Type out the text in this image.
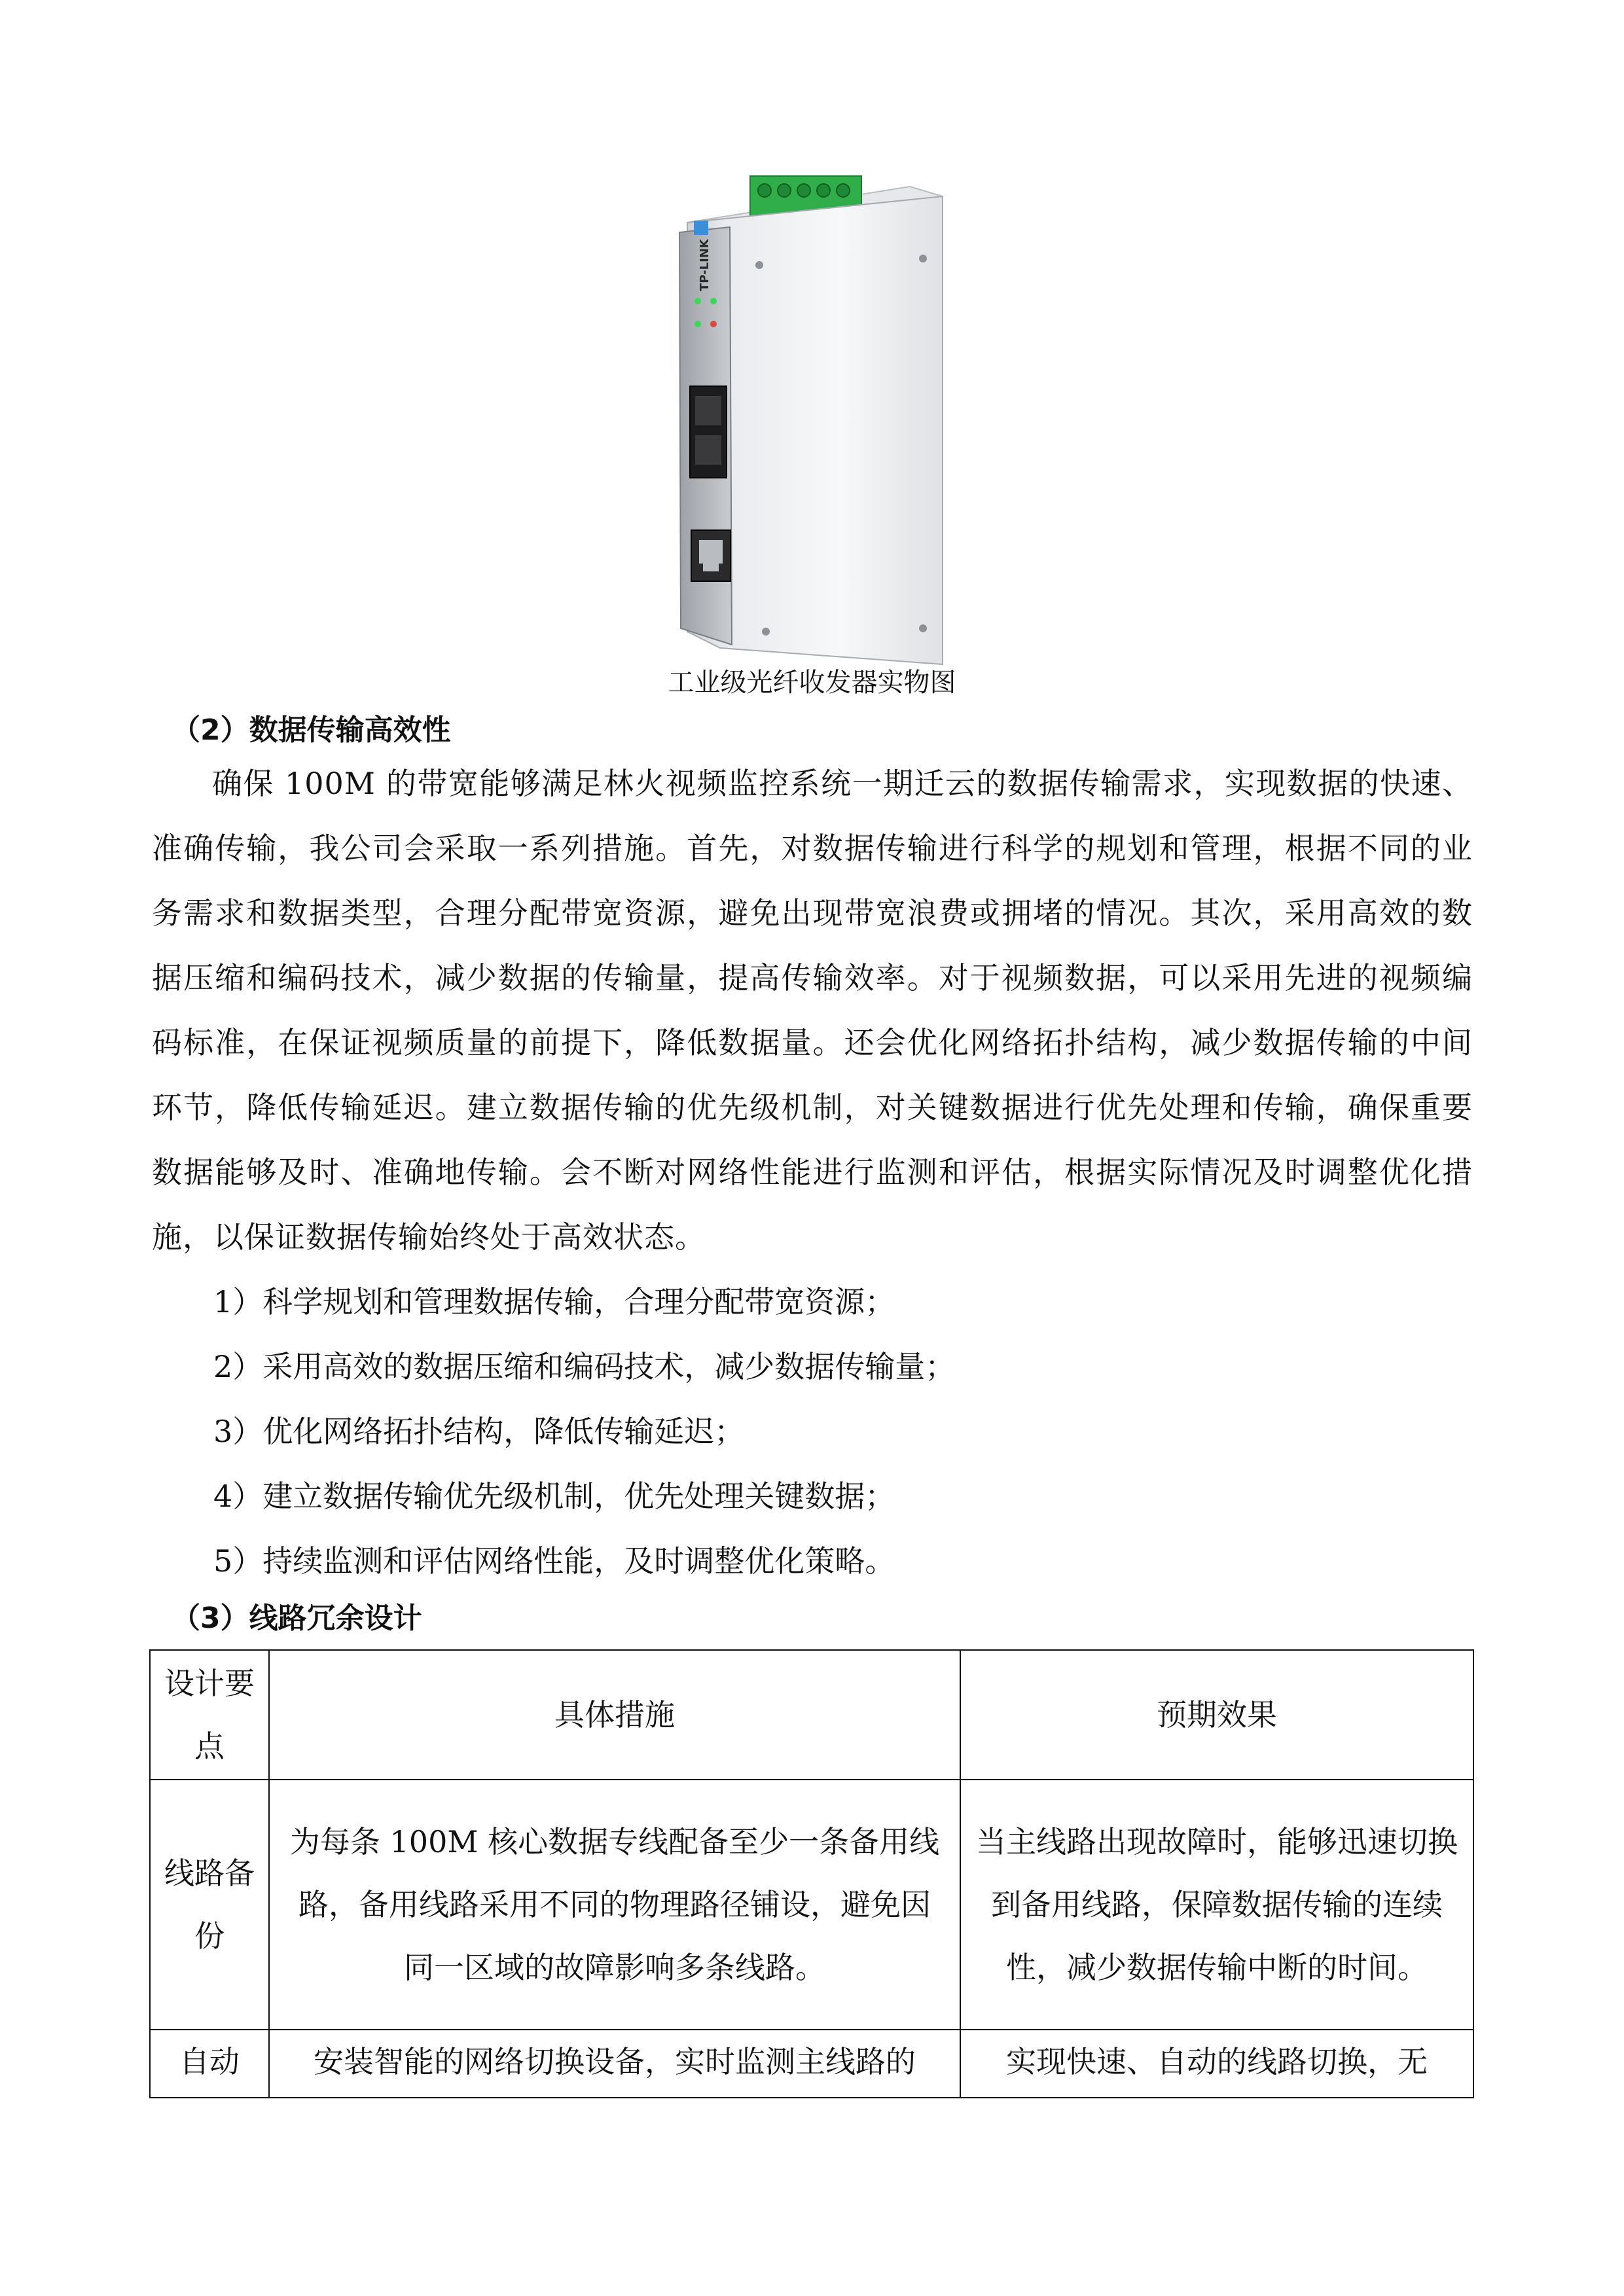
TP-LINK
工业级光纤收发器实物图
（2）数据传输高效性
确保 100M 的带宽能够满足林火视频监控系统一期迁云的数据传输需求，实现数据的快速、准确传输，我公司会采取一系列措施。首先，对数据传输进行科学的规划和管理，根据不同的业务需求和数据类型，合理分配带宽资源，避免出现带宽浪费或拥堵的情况。其次，采用高效的数据压缩和编码技术，减少数据的传输量，提高传输效率。对于视频数据，可以采用先进的视频编码标准，在保证视频质量的前提下，降低数据量。还会优化网络拓扑结构，减少数据传输的中间环节，降低传输延迟。建立数据传输的优先级机制，对关键数据进行优先处理和传输，确保重要数据能够及时、准确地传输。会不断对网络性能进行监测和评估，根据实际情况及时调整优化措施，以保证数据传输始终处于高效状态。
1）科学规划和管理数据传输，合理分配带宽资源；
2）采用高效的数据压缩和编码技术，减少数据传输量；
3）优化网络拓扑结构，降低传输延迟；
4）建立数据传输优先级机制，优先处理关键数据；
5）持续监测和评估网络性能，及时调整优化策略。
（3）线路冗余设计
设计要点	具体措施	预期效果
线路备份	为每条 100M 核心数据专线配备至少一条备用线路，备用线路采用不同的物理路径铺设，避免因同一区域的故障影响多条线路。	当主线路出现故障时，能够迅速切换到备用线路，保障数据传输的连续性，减少数据传输中断的时间。
自动	安装智能的网络切换设备，实时监测主线路的	实现快速、自动的线路切换，无
